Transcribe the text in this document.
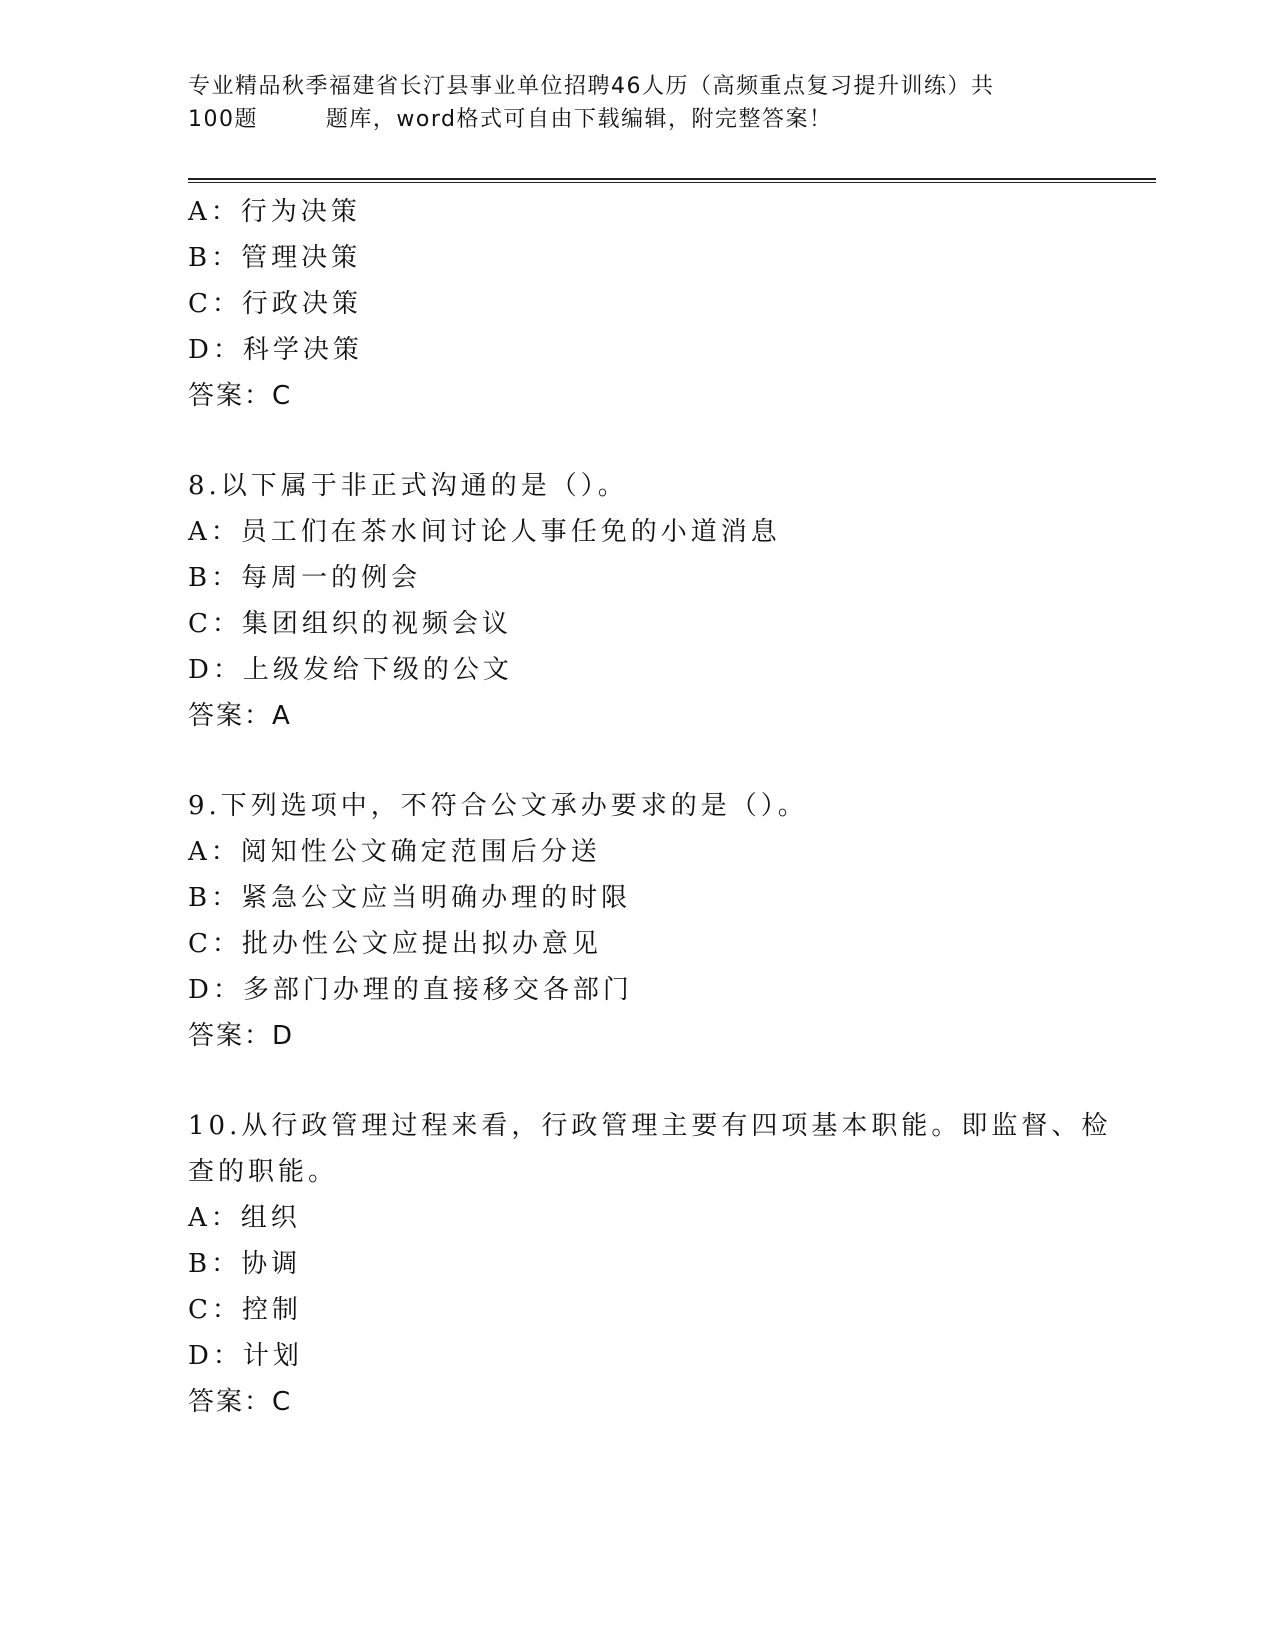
专业精品秋季福建省长汀县事业单位招聘46人历（高频重点复习提升训练）共
100题        题库，word格式可自由下载编辑，附完整答案！
A：行为决策
B：管理决策
C：行政决策
D：科学决策
答案：C
8.以下属于非正式沟通的是（）。
A：员工们在茶水间讨论人事任免的小道消息
B：每周一的例会
C：集团组织的视频会议
D：上级发给下级的公文
答案：A
9.下列选项中，不符合公文承办要求的是（）。
A：阅知性公文确定范围后分送
B：紧急公文应当明确办理的时限
C：批办性公文应提出拟办意见
D：多部门办理的直接移交各部门
答案：D
10.从行政管理过程来看，行政管理主要有四项基本职能。即监督、检
查的职能。
A：组织
B：协调
C：控制
D：计划
答案：C
